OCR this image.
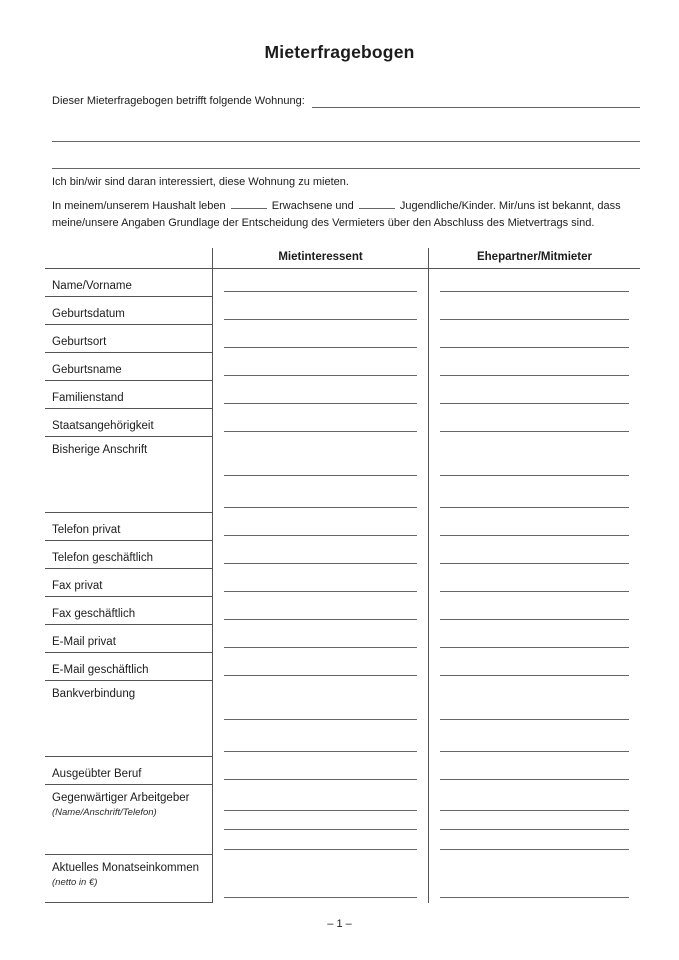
Mieterfragebogen
Dieser Mieterfragebogen betrifft folgende Wohnung:
Ich bin/wir sind daran interessiert, diese Wohnung zu mieten.
In meinem/unserem Haushalt leben	Erwachsene und	Jugendliche/Kinder. Mir/uns ist bekannt, dass meine/unsere Angaben Grundlage der Entscheidung des Vermieters über den Abschluss des Mietvertrags sind.
Mietinteressent	Ehepartner/Mitmieter
Name/Vorname
Geburtsdatum
Geburtsort
Geburtsname
Familienstand
Staatsangehörigkeit
Bisherige Anschrift
Telefon privat
Telefon geschäftlich
Fax privat
Fax geschäftlich
E-Mail privat
E-Mail geschäftlich
Bankverbindung
Ausgeübter Beruf
Gegenwärtiger Arbeitgeber
(Name/Anschrift/Telefon)
Aktuelles Monatseinkommen
(netto in €)
– 1 –
